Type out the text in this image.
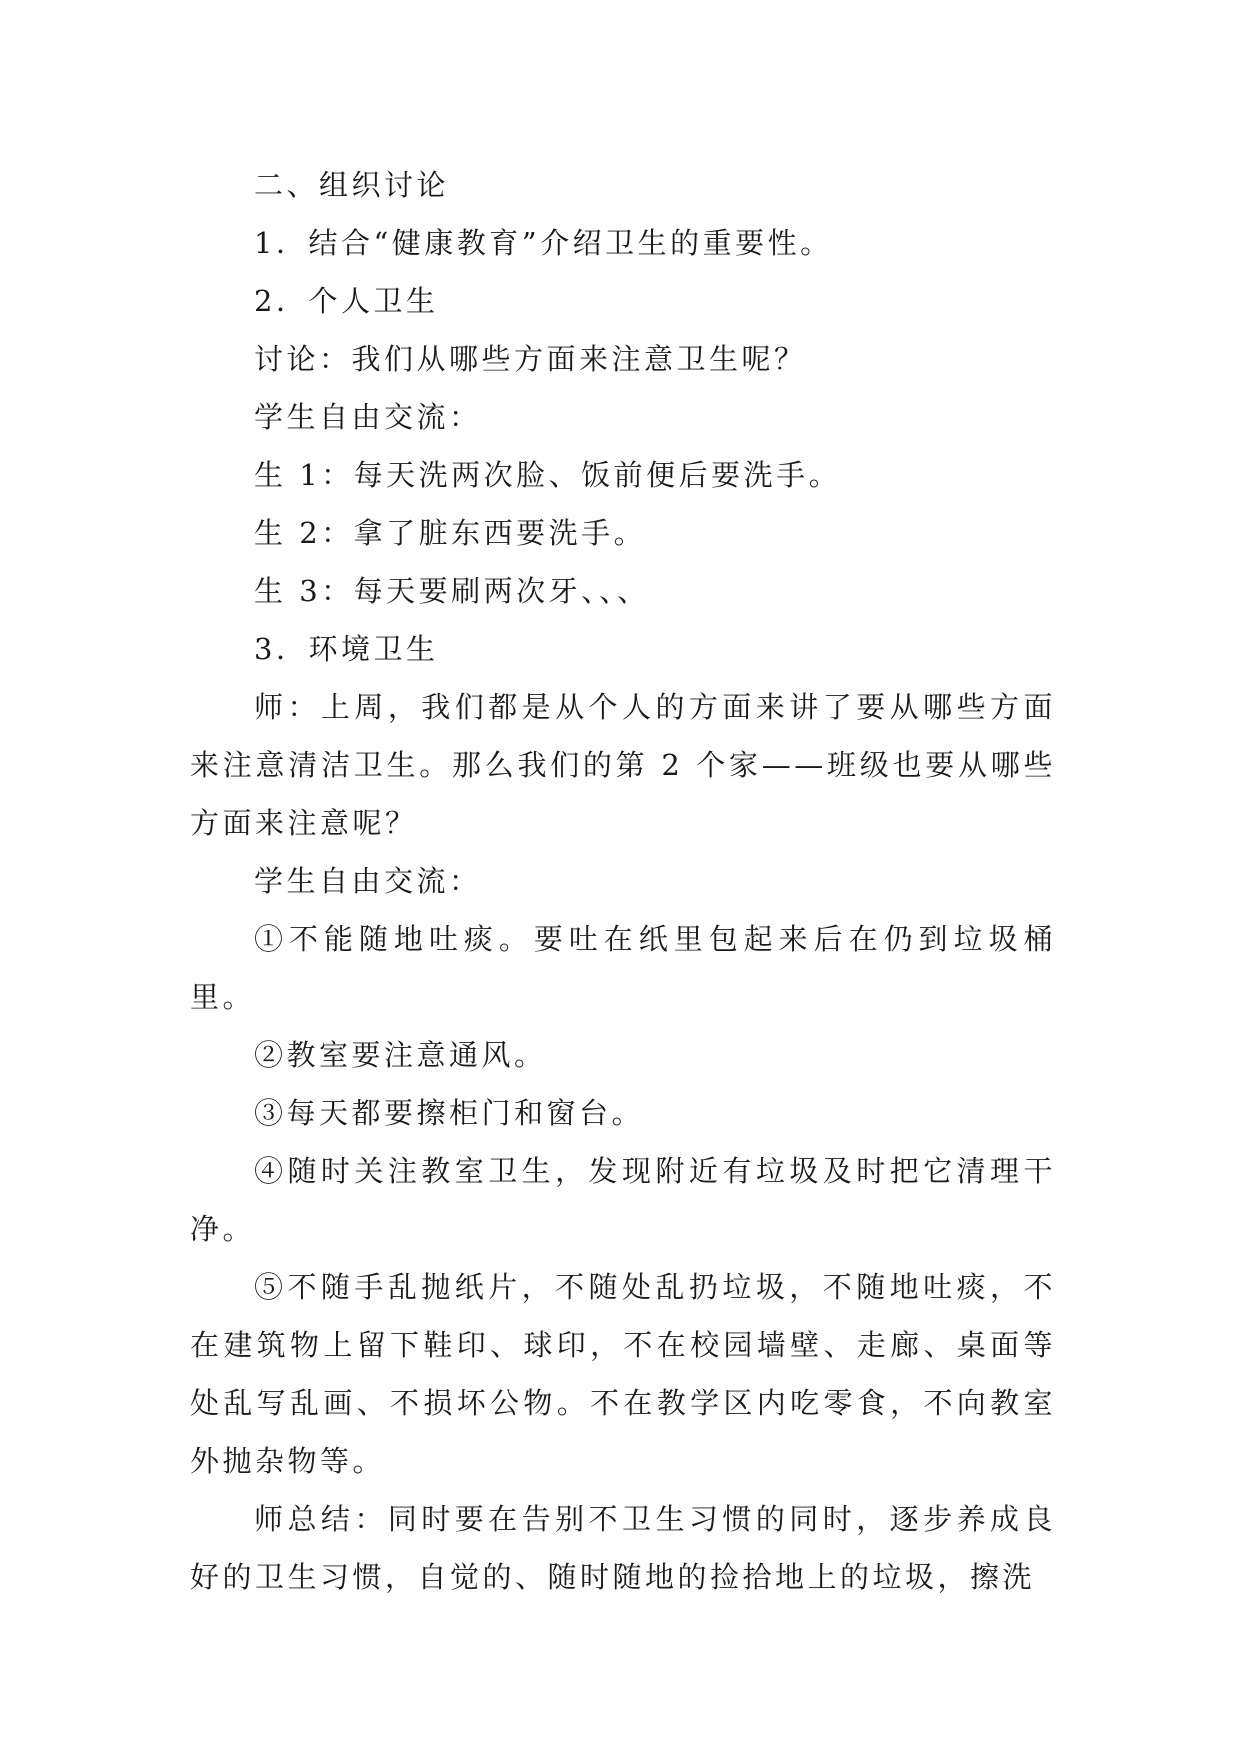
二、组织讨论

1．结合“健康教育”介绍卫生的重要性。

2．个人卫生

讨论：我们从哪些方面来注意卫生呢？

学生自由交流：

生 1：每天洗两次脸、饭前便后要洗手。

生 2：拿了脏东西要洗手。

生 3：每天要刷两次牙、、、

3．环境卫生

师：上周，我们都是从个人的方面来讲了要从哪些方面来注意清洁卫生。那么我们的第 2 个家——班级也要从哪些方面来注意呢？

学生自由交流：

①不能随地吐痰。要吐在纸里包起来后在仍到垃圾桶里。

②教室要注意通风。

③每天都要擦柜门和窗台。

④随时关注教室卫生，发现附近有垃圾及时把它清理干净。

⑤不随手乱抛纸片，不随处乱扔垃圾，不随地吐痰，不在建筑物上留下鞋印、球印，不在校园墙壁、走廊、桌面等处乱写乱画、不损坏公物。不在教学区内吃零食，不向教室外抛杂物等。

师总结：同时要在告别不卫生习惯的同时，逐步养成良好的卫生习惯，自觉的、随时随地的捡拾地上的垃圾，擦洗
